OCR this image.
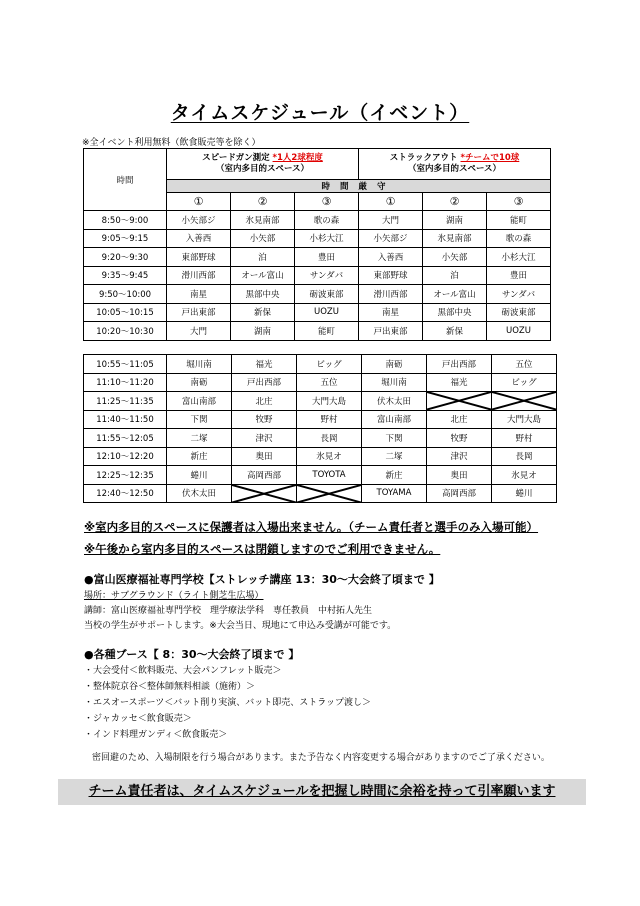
タイムスケジュール（イベント）
※全イベント利用無料（飲食販売等を除く）
時間	スピードガン測定 *1人2球程度
（室内多目的スペース）			ストラックアウト *チームで10球
（室内多目的スペース）		
	時間厳守					
	①	②	③	①	②	③
8:50～9:00	小矢部ジ	氷見南部	歌の森	大門	湖南	能町
9:05～9:15	入善西	小矢部	小杉大江	小矢部ジ	氷見南部	歌の森
9:20～9:30	東部野球	泊	豊田	入善西	小矢部	小杉大江
9:35～9:45	滑川西部	オール富山	サンダバ	東部野球	泊	豊田
9:50～10:00	南星	黒部中央	砺波東部	滑川西部	オール富山	サンダバ
10:05～10:15	戸出東部	新保	UOZU	南星	黒部中央	砺波東部
10:20～10:30	大門	湖南	能町	戸出東部	新保	UOZU
10:55～11:05	堀川南	福光	ビッグ	南砺	戸出西部	五位
11:10～11:20	南砺	戸出西部	五位	堀川南	福光	ビッグ
11:25～11:35	富山南部	北庄	大門大島	伏木太田	

11:40～11:50	下関	牧野	野村	富山南部	北庄	大門大島
11:55～12:05	二塚	津沢	長岡	下関	牧野	野村
12:10～12:20	新庄	奥田	氷見オ	二塚	津沢	長岡
12:25～12:35	蜷川	高岡西部	TOYOTA	新庄	奥田	氷見オ
12:40～12:50	伏木太田			TOYAMA	高岡西部	蜷川
※室内多目的スペースに保護者は入場出来ません。（チーム責任者と選手のみ入場可能）
※午後から室内多目的スペースは閉鎖しますのでご利用できません。
●富山医療福祉専門学校【ストレッチ講座 13：30～大会終了頃まで 】
場所：サブグラウンド（ライト側芝生広場）
講師：富山医療福祉専門学校　理学療法学科　専任教員　中村拓人先生
当校の学生がサポートします。※大会当日、現地にて申込み受講が可能です。
●各種ブース【 8：30～大会終了頃まで 】
・大会受付＜飲料販売、大会パンフレット販売＞
・整体院京谷＜整体師無料相談（施術）＞
・エスオースポーツ＜バット削り実演、バット即売、ストラップ渡し＞
・ジャカッセ＜飲食販売＞
・インド料理ガンディ＜飲食販売＞
密回避のため、入場制限を行う場合があります。また予告なく内容変更する場合がありますのでご了承ください。
チーム責任者は、タイムスケジュールを把握し時間に余裕を持って引率願います
